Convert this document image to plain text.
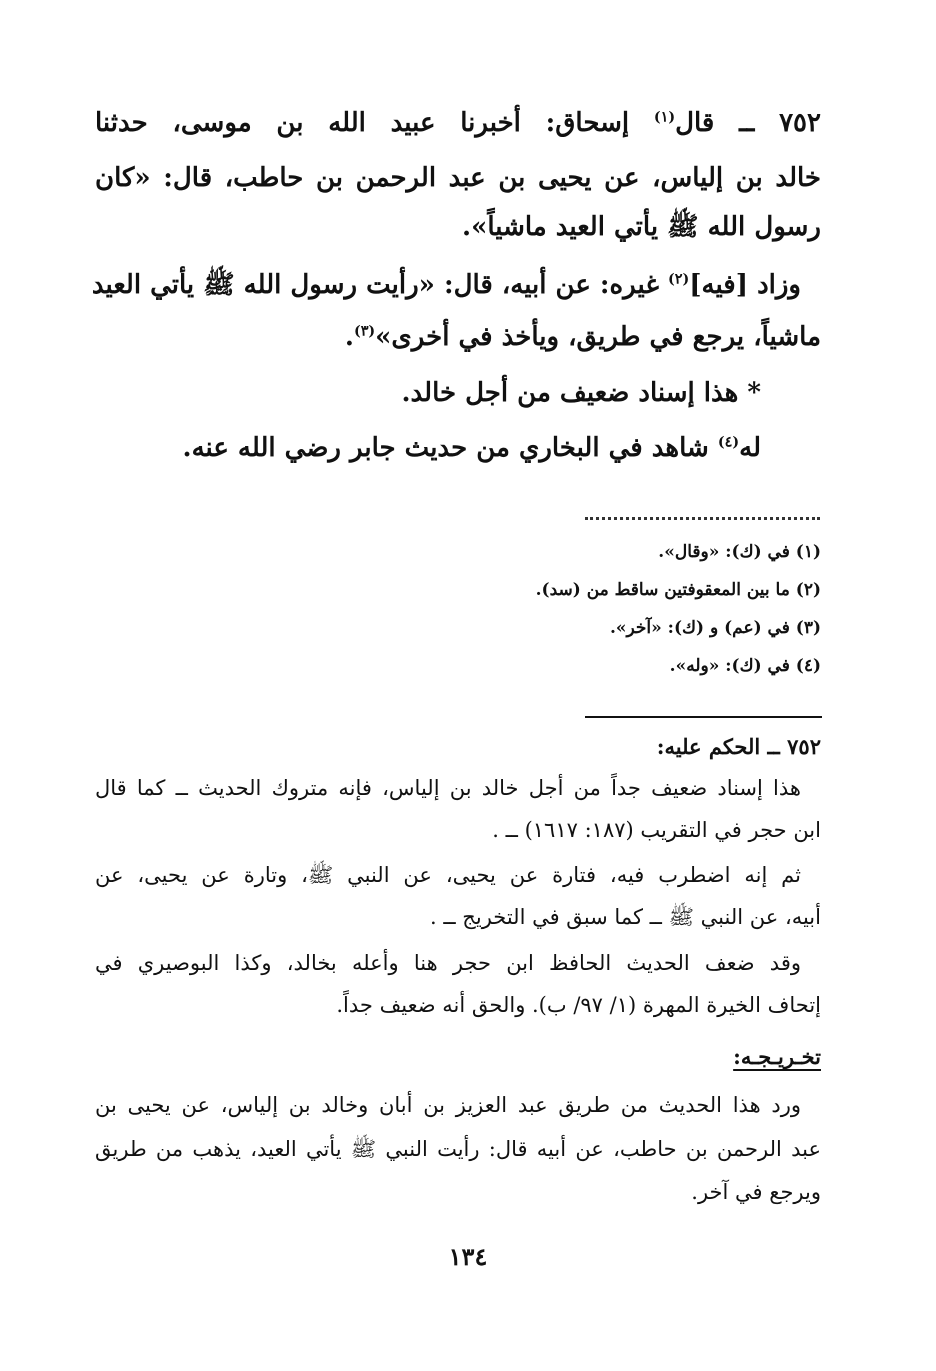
٧٥٢ ــ قال$^{(١)}$ إسحاق: أخبرنا عبيد الله بن موسى، حدثنا
خالد بن إلياس، عن يحيى بن عبد الرحمن بن حاطب، قال: «كان
رسول الله ﷺ يأتي العيد ماشياً».
وزاد [فيه]$^{(٢)}$ غيره: عن أبيه، قال: «رأيت رسول الله ﷺ يأتي العيد
ماشياً، يرجع في طريق، ويأخذ في أخرى»$^{(٣)}$.
* هذا إسناد ضعيف من أجل خالد.
له$^{(٤)}$ شاهد في البخاري من حديث جابر رضي الله عنه.
(١) في (ك): «وقال».
(٢) ما بين المعقوفتين ساقط من (سد).
(٣) في (عم) و (ك): «آخر».
(٤) في (ك): «وله».
٧٥٢ ــ الحكم عليه:
هذا إسناد ضعيف جداً من أجل خالد بن إلياس، فإنه متروك الحديث ــ كما قال
ابن حجر في التقريب (١٨٧: ١٦١٧) ــ .
ثم إنه اضطرب فيه، فتارة عن يحيى، عن النبي ﷺ، وتارة عن يحيى، عن
أبيه، عن النبي ﷺ ــ كما سبق في التخريج ــ .
وقد ضعف الحديث الحافظ ابن حجر هنا وأعله بخالد، وكذا البوصيري في
إتحاف الخيرة المهرة (١/ ٩٧/ ب). والحق أنه ضعيف جداً.
تخـريـجـه:
ورد هذا الحديث من طريق عبد العزيز بن أبان وخالد بن إلياس، عن يحيى بن
عبد الرحمن بن حاطب، عن أبيه قال: رأيت النبي ﷺ يأتي العيد، يذهب من طريق
ويرجع في آخر.
١٣٤
